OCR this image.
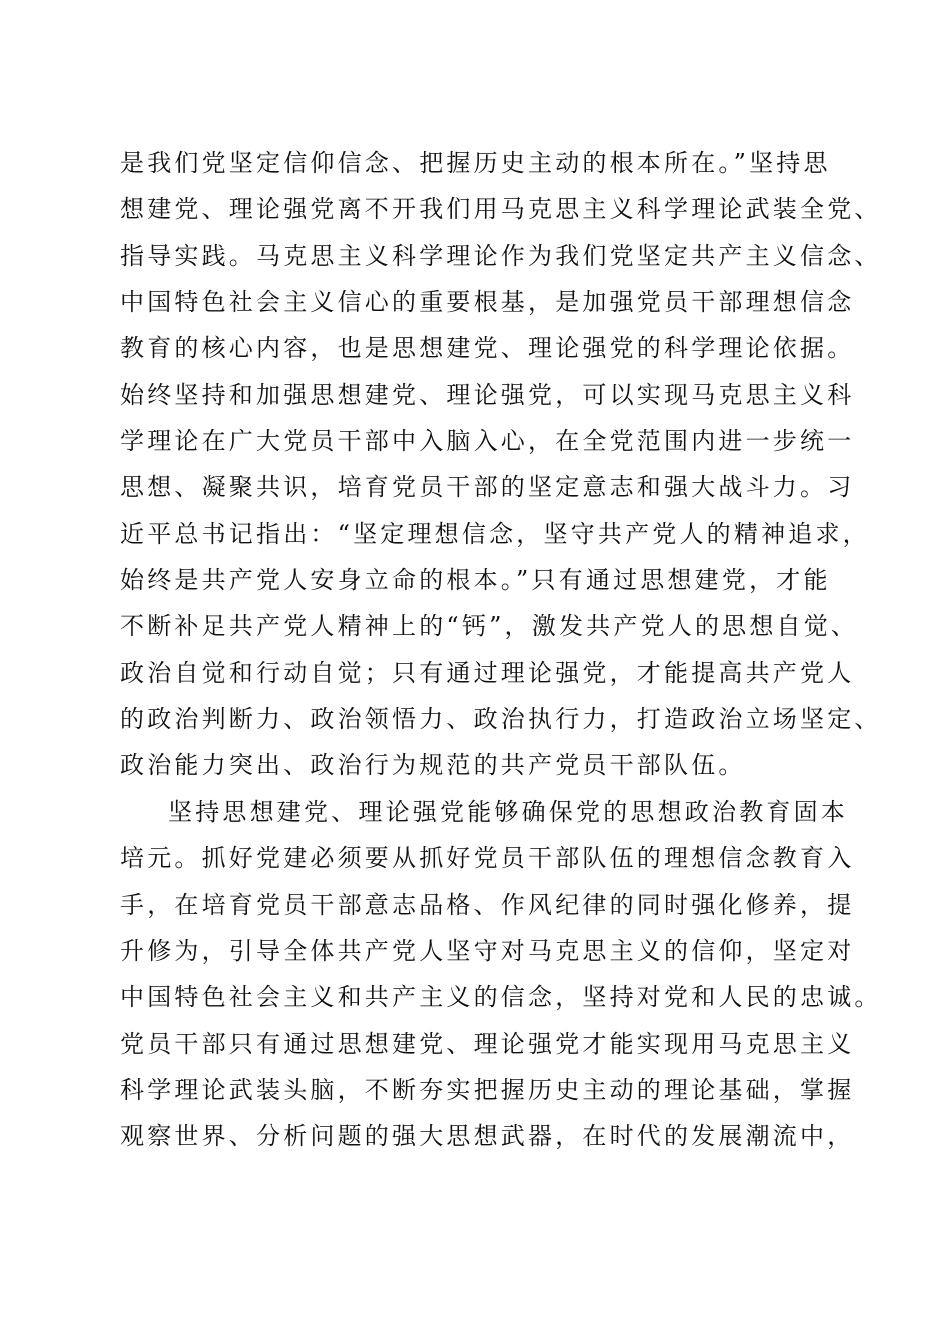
是我们党坚定信仰信念、把握历史主动的根本所在。”坚持思
想建党、理论强党离不开我们用马克思主义科学理论武装全党、
指导实践。马克思主义科学理论作为我们党坚定共产主义信念、
中国特色社会主义信心的重要根基，是加强党员干部理想信念
教育的核心内容，也是思想建党、理论强党的科学理论依据。
始终坚持和加强思想建党、理论强党，可以实现马克思主义科
学理论在广大党员干部中入脑入心，在全党范围内进一步统一
思想、凝聚共识，培育党员干部的坚定意志和强大战斗力。习
近平总书记指出：“坚定理想信念，坚守共产党人的精神追求，
始终是共产党人安身立命的根本。”只有通过思想建党，才能
不断补足共产党人精神上的“钙”，激发共产党人的思想自觉、
政治自觉和行动自觉；只有通过理论强党，才能提高共产党人
的政治判断力、政治领悟力、政治执行力，打造政治立场坚定、
政治能力突出、政治行为规范的共产党员干部队伍。
坚持思想建党、理论强党能够确保党的思想政治教育固本
培元。抓好党建必须要从抓好党员干部队伍的理想信念教育入
手，在培育党员干部意志品格、作风纪律的同时强化修养，提
升修为，引导全体共产党人坚守对马克思主义的信仰，坚定对
中国特色社会主义和共产主义的信念，坚持对党和人民的忠诚。
党员干部只有通过思想建党、理论强党才能实现用马克思主义
科学理论武装头脑，不断夯实把握历史主动的理论基础，掌握
观察世界、分析问题的强大思想武器，在时代的发展潮流中，
